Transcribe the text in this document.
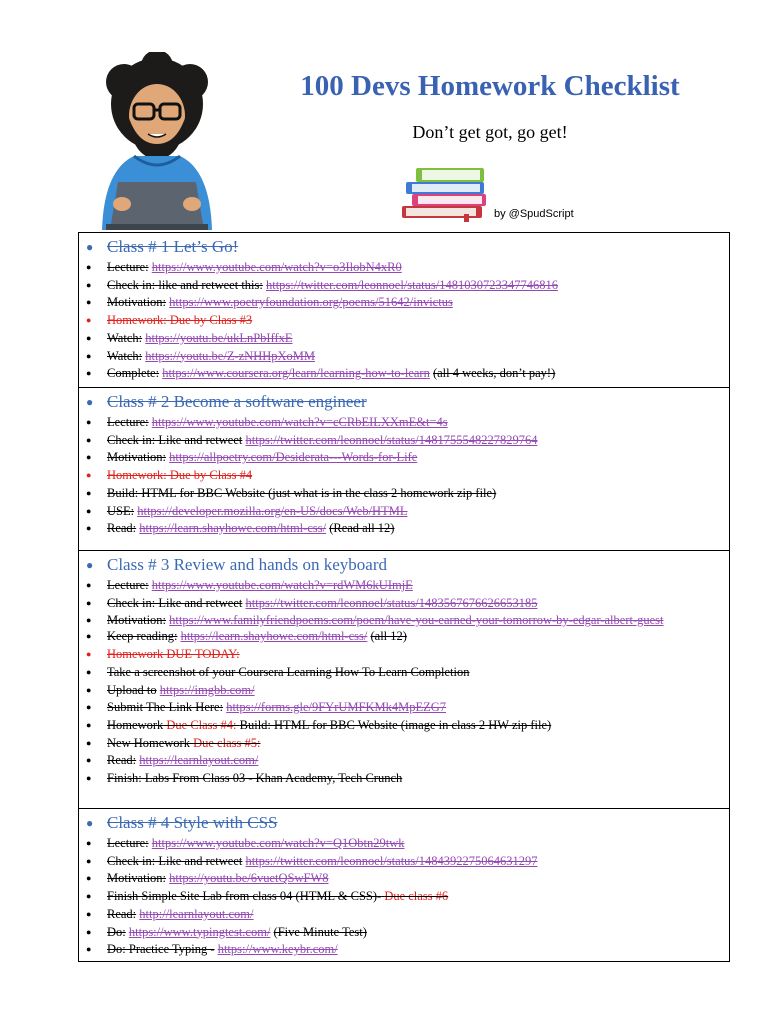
100 Devs Homework Checklist
Don’t get got, go get!
by @SpudScript
● Class # 1 Let’s Go!
● Lecture: https://www.youtube.com/watch?v=o3IlobN4xR0
● Check in: like and retweet this: https://twitter.com/leonnoel/status/1481030723347746816
● Motivation: https://www.poetryfoundation.org/poems/51642/invictus
● Homework: Due by Class #3
● Watch: https://youtu.be/ukLnPbIffxE
● Watch: https://youtu.be/Z-zNHHpXoMM
● Complete: https://www.coursera.org/learn/learning-how-to-learn (all 4 weeks, don’t pay!)
● Class # 2 Become a software engineer
● Lecture: https://www.youtube.com/watch?v=cCRbEILXXmE&t=4s
● Check in: Like and retweet https://twitter.com/leonnoel/status/1481755548227829764
● Motivation: https://allpoetry.com/Desiderata---Words-for-Life
● Homework: Due by Class #4
● Build: HTML for BBC Website (just what is in the class 2 homework zip file)
● USE: https://developer.mozilla.org/en-US/docs/Web/HTML
● Read: https://learn.shayhowe.com/html-css/ (Read all 12)
● Class # 3 Review and hands on keyboard
● Lecture: https://www.youtube.com/watch?v=rdWM6kUImjE
● Check in: Like and retweet https://twitter.com/leonnoel/status/1483567676626653185
● Motivation: https://www.familyfriendpoems.com/poem/have-you-earned-your-tomorrow-by-edgar-albert-guest
● Keep reading: https://learn.shayhowe.com/html-css/ (all 12)
● Homework DUE TODAY:
● Take a screenshot of your Coursera Learning How To Learn Completion
● Upload to https://imgbb.com/
● Submit The Link Here: https://forms.gle/9FYrUMFKMk4MpEZG7
● Homework Due Class #4: Build: HTML for BBC Website (image in class 2 HW zip file)
● New Homework Due class #5:
● Read: https://learnlayout.com/
● Finish: Labs From Class 03 - Khan Academy, Tech Crunch
● Class # 4 Style with CSS
● Lecture: https://www.youtube.com/watch?v=Q1Obtn29twk
● Check in: Like and retweet https://twitter.com/leonnoel/status/1484392275064631297
● Motivation: https://youtu.be/6vuetQSwFW8
● Finish Simple Site Lab from class 04 (HTML & CSS)- Due class #6
● Read: http://learnlayout.com/
● Do: https://www.typingtest.com/ (Five Minute Test)
● Do: Practice Typing - https://www.keybr.com/
